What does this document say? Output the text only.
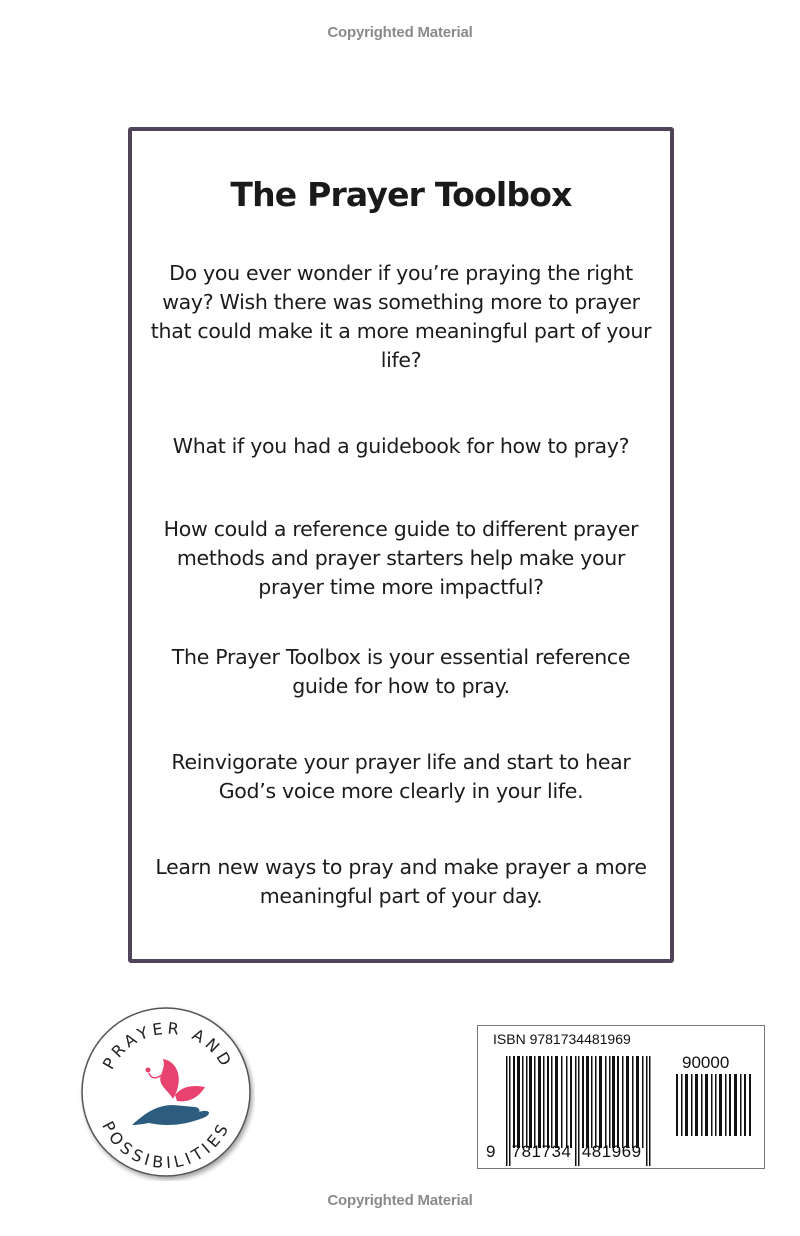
Copyrighted Material
The Prayer Toolbox
Do you ever wonder if you’re praying the right way? Wish there was something more to prayer that could make it a more meaningful part of your life?
What if you had a guidebook for how to pray?
How could a reference guide to different prayer methods and prayer starters help make your prayer time more impactful?
The Prayer Toolbox is your essential reference guide for how to pray.
Reinvigorate your prayer life and start to hear God’s voice more clearly in your life.
Learn new ways to pray and make prayer a more meaningful part of your day.
PRAYER AND
POSSIBILITIES
ISBN 9781734481969
90000
9 781734 481969
Copyrighted Material
